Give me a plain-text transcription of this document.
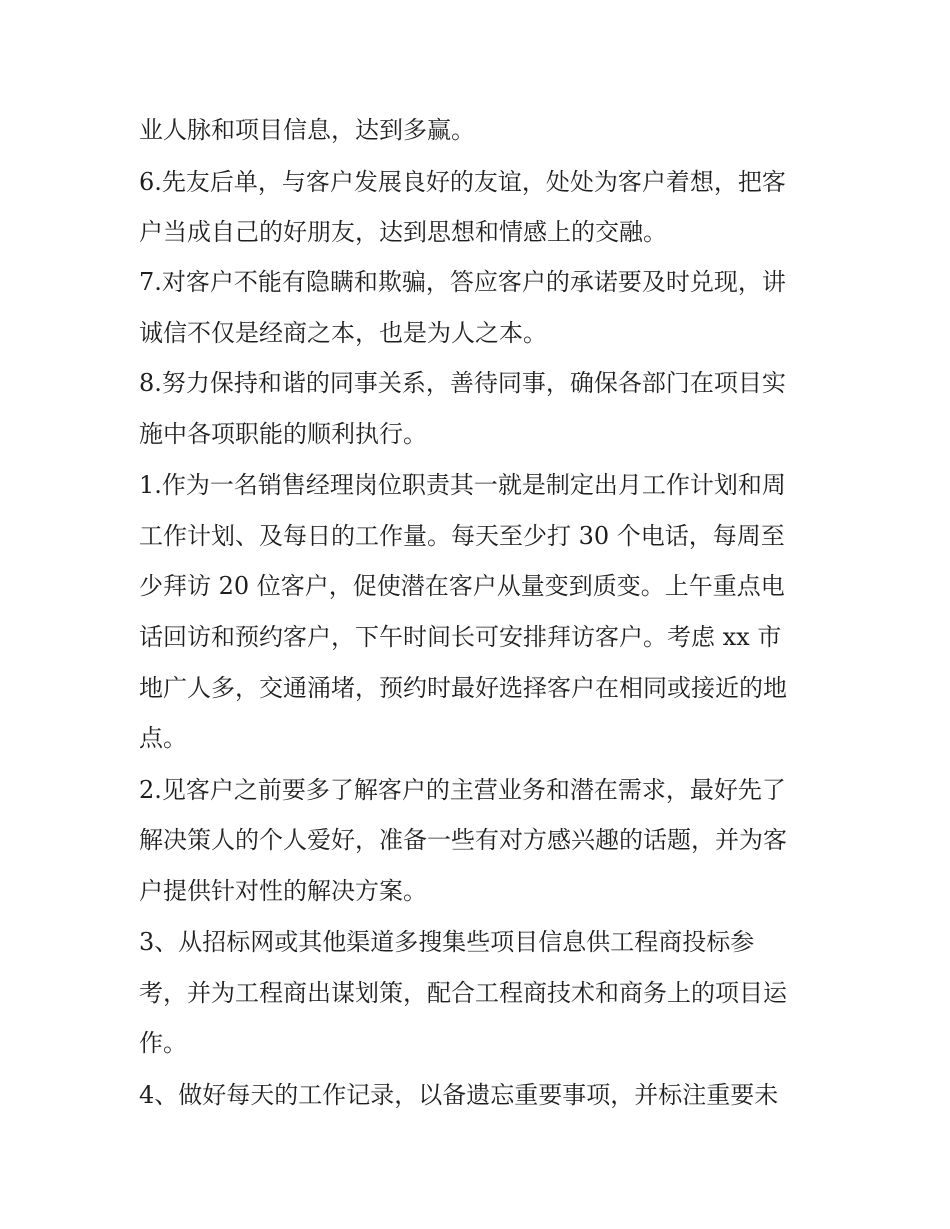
业人脉和项目信息，达到多赢。
6.先友后单，与客户发展良好的友谊，处处为客户着想，把客
户当成自己的好朋友，达到思想和情感上的交融。
7.对客户不能有隐瞒和欺骗，答应客户的承诺要及时兑现，讲
诚信不仅是经商之本，也是为人之本。
8.努力保持和谐的同事关系，善待同事，确保各部门在项目实
施中各项职能的顺利执行。
1.作为一名销售经理岗位职责其一就是制定出月工作计划和周
工作计划、及每日的工作量。每天至少打 30 个电话，每周至
少拜访 20 位客户，促使潜在客户从量变到质变。上午重点电
话回访和预约客户，下午时间长可安排拜访客户。考虑 xx 市
地广人多，交通涌堵，预约时最好选择客户在相同或接近的地
点。
2.见客户之前要多了解客户的主营业务和潜在需求，最好先了
解决策人的个人爱好，准备一些有对方感兴趣的话题，并为客
户提供针对性的解决方案。
3、从招标网或其他渠道多搜集些项目信息供工程商投标参
考，并为工程商出谋划策，配合工程商技术和商务上的项目运
作。
4、做好每天的工作记录，以备遗忘重要事项，并标注重要未
